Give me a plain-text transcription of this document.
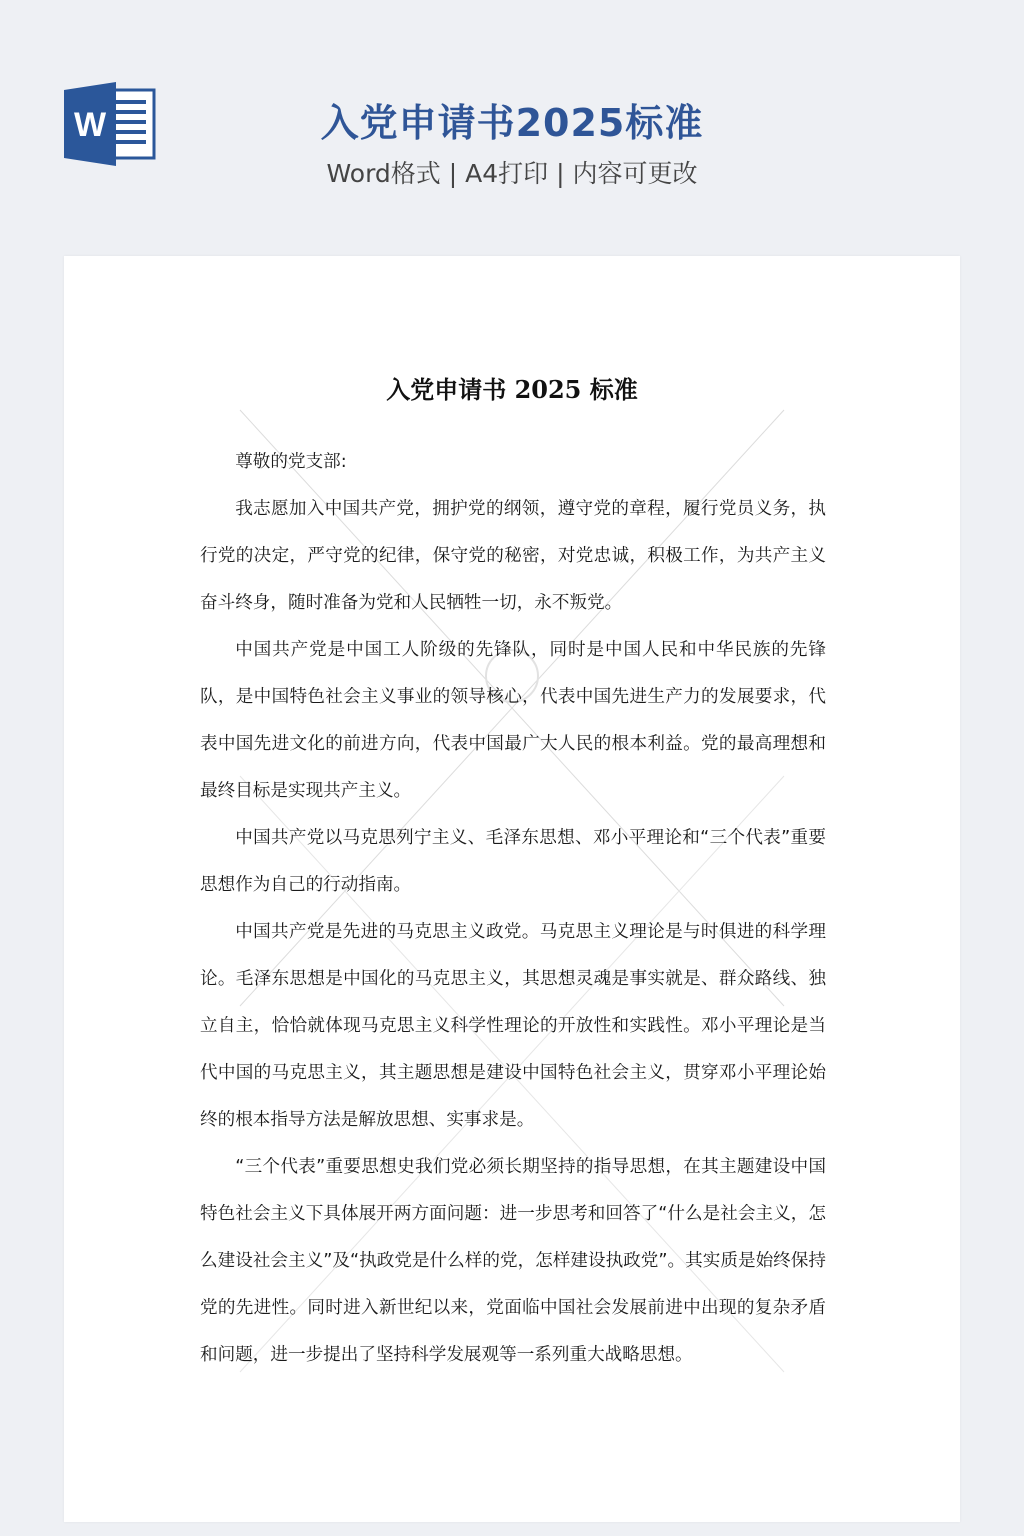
W	入党申请书2025标准
Word格式 | A4打印 | 内容可更改
入党申请书 2025 标准

尊敬的党支部:

我志愿加入中国共产党，拥护党的纲领，遵守党的章程，履行党员义务，执行党的决定，严守党的纪律，保守党的秘密，对党忠诚，积极工作，为共产主义奋斗终身，随时准备为党和人民牺牲一切，永不叛党。

中国共产党是中国工人阶级的先锋队，同时是中国人民和中华民族的先锋队，是中国特色社会主义事业的领导核心，代表中国先进生产力的发展要求，代表中国先进文化的前进方向，代表中国最广大人民的根本利益。党的最高理想和最终目标是实现共产主义。

中国共产党以马克思列宁主义、毛泽东思想、邓小平理论和“三个代表”重要思想作为自己的行动指南。

中国共产党是先进的马克思主义政党。马克思主义理论是与时俱进的科学理论。毛泽东思想是中国化的马克思主义，其思想灵魂是事实就是、群众路线、独立自主，恰恰就体现马克思主义科学性理论的开放性和实践性。邓小平理论是当代中国的马克思主义，其主题思想是建设中国特色社会主义，贯穿邓小平理论始终的根本指导方法是解放思想、实事求是。

“三个代表”重要思想史我们党必须长期坚持的指导思想，在其主题建设中国特色社会主义下具体展开两方面问题：进一步思考和回答了“什么是社会主义，怎么建设社会主义”及“执政党是什么样的党，怎样建设执政党”。其实质是始终保持党的先进性。同时进入新世纪以来，党面临中国社会发展前进中出现的复杂矛盾和问题，进一步提出了坚持科学发展观等一系列重大战略思想。
